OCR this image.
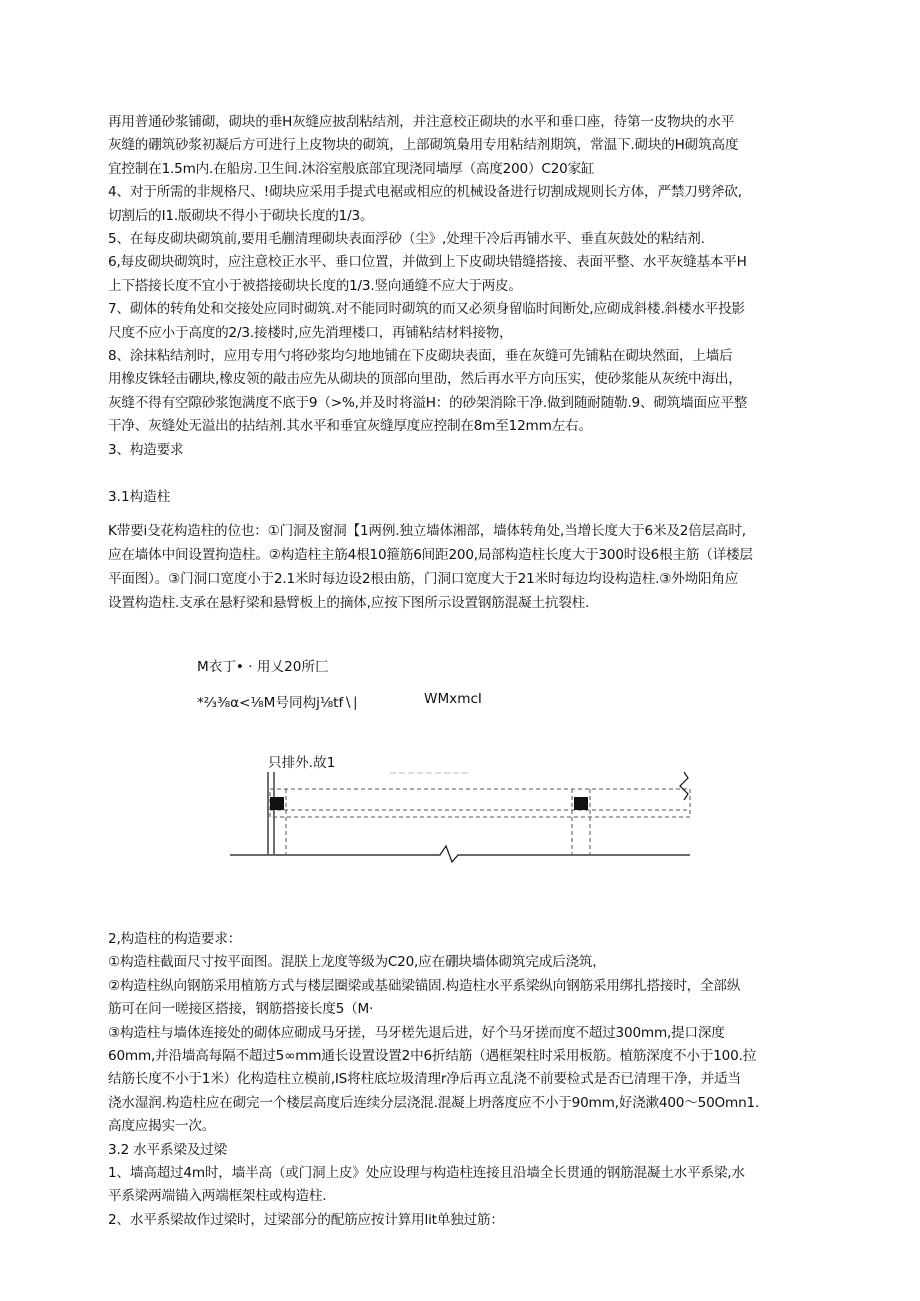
再用普通砂浆铺砌，砌块的垂H灰缝应披刮粘结剂，并注意校正砌块的水平和垂口座，待第一皮物块的水平

灰缝的硼筑砂浆初凝后方可进行上皮物块的砌筑，上部砌筑梟用专用粘结剂期筑，常温下.砌块的H砌筑高度

宜控制在1.5m内.在船房.卫生间.沐浴室般底部宜现浇同墙厚（高度200）C20家缸

4、对于所需的非规格尺、!砌块应采用手提式电裾或相应的机械设备进行切割成规则长方体，严禁刀劈斧砍,

切割后的I1.版砌块不得小于砌块长度的1/3。

5、在每皮砌块砌筑前,要用毛蒯清理砌块表面浮砂（尘》,处理干冷后再铺水平、垂直灰鼓处的粘结剂.

6,每皮砌块砌筑时，应注意校正水平、垂口位置，并做到上下皮砌块错缝搭接、表面平整、水平灰缝基本平H

上下搭接长度不宜小于被搭接砌块长度的1/3.竖向通缝不应大于两皮。

7、砌体的转角处和交接处应同时砌筑.对不能同时砌筑的而又必须身留临时间断处,应砌成斜楼.斜楼水平投影

尺度不应小于高度的2/3.接楼时,应先消理楼口，再铺粘结材料接物，

8、涂抹粘结剂时，应用专用勺将砂浆均匀地地铺在下皮砌块表面，垂在灰缝可先铺粘在砌块然面，上墙后

用橡皮铢轻击硼块,橡皮领的敲击应先从砌块的顶部向里劭，然后再水平方向压实，使砂浆能从灰统中海出，

灰缝不得有空隙砂浆饱满度不底于9（>%,并及时将溢H：的砂架消除干净.做到随耐随勒.9、砌筑墙面应平整

干净、灰缝处无溢出的拈结剂.其水平和垂宜灰缝厚度应控制在8m至12mm左右。

3、构造要求

3.1构造柱

K带要i殳花构造柱的位也：①门洞及窗洞【1两例.独立墙体湘部，墙体转角处,当增长度大于6米及2倍层高时,

应在墙体中间设置拘造柱。②构造柱主筋4根10箍筋6间距200,局部构造柱长度大于300时设6根主筋（详楼层

平面图）。③门洞口宽度小于2.1米时每边设2根由筋，门洞口宽度大于21米时每边均设构造柱.③外坳阳角应

设置构造柱.支承在悬籽梁和悬臂板上的摘体,应按下图所示设置钢筋混凝土抗裂柱.

M衣丁• · 用乂20所匚
*⅔⅜α<⅛M号同构j⅛tf∖∣	WMxmcI
只排外.故1

2,构造柱的构造要求：

①构造柱截面尺寸按平面图。混朕上龙度等级为C20,应在硼块墙体砌筑完成后浇筑，

②构造柱纵向钢筋采用植筋方式与楼层圈梁或基础梁锚固.构造柱水平系梁纵向钢筋采用绑扎搭接时，全部纵

筋可在问一嗟接区搭接，钢筋搭接长度5（M·

③构造柱与墙体连接处的砌体应砌成马牙搓，马牙槎先退后进，好个马牙搓而度不超过300mm,提口深度

60mm,并沿墙高每隔不超过5∞mm通长设置设置2中6折结筋（遇框架柱时采用板筋。植筋深度不小于100.拉

结筋长度不小于1米）化构造柱立模前,IS将柱底垃圾清理r净后再立乱浇不前要检式是否已清理干净，并适当

浇水湿润.构造柱应在砌完一个楼层高度后连续分层浇混.混凝上坍落度应不小于90mm,好浇漱400～50Omn1.

高度应揭实一次。

3.2 水平系梁及过梁

1、墙高超过4m时，墙半高（或门洞上皮》处应设理与构造柱连接且沿墙全长贯通的钢筋混凝土水平系梁,水

平系梁两端锚入两端框架柱或构造柱.

2、水平系梁故作过梁时，过梁部分的配筋应按计算用lit单独过筋：
